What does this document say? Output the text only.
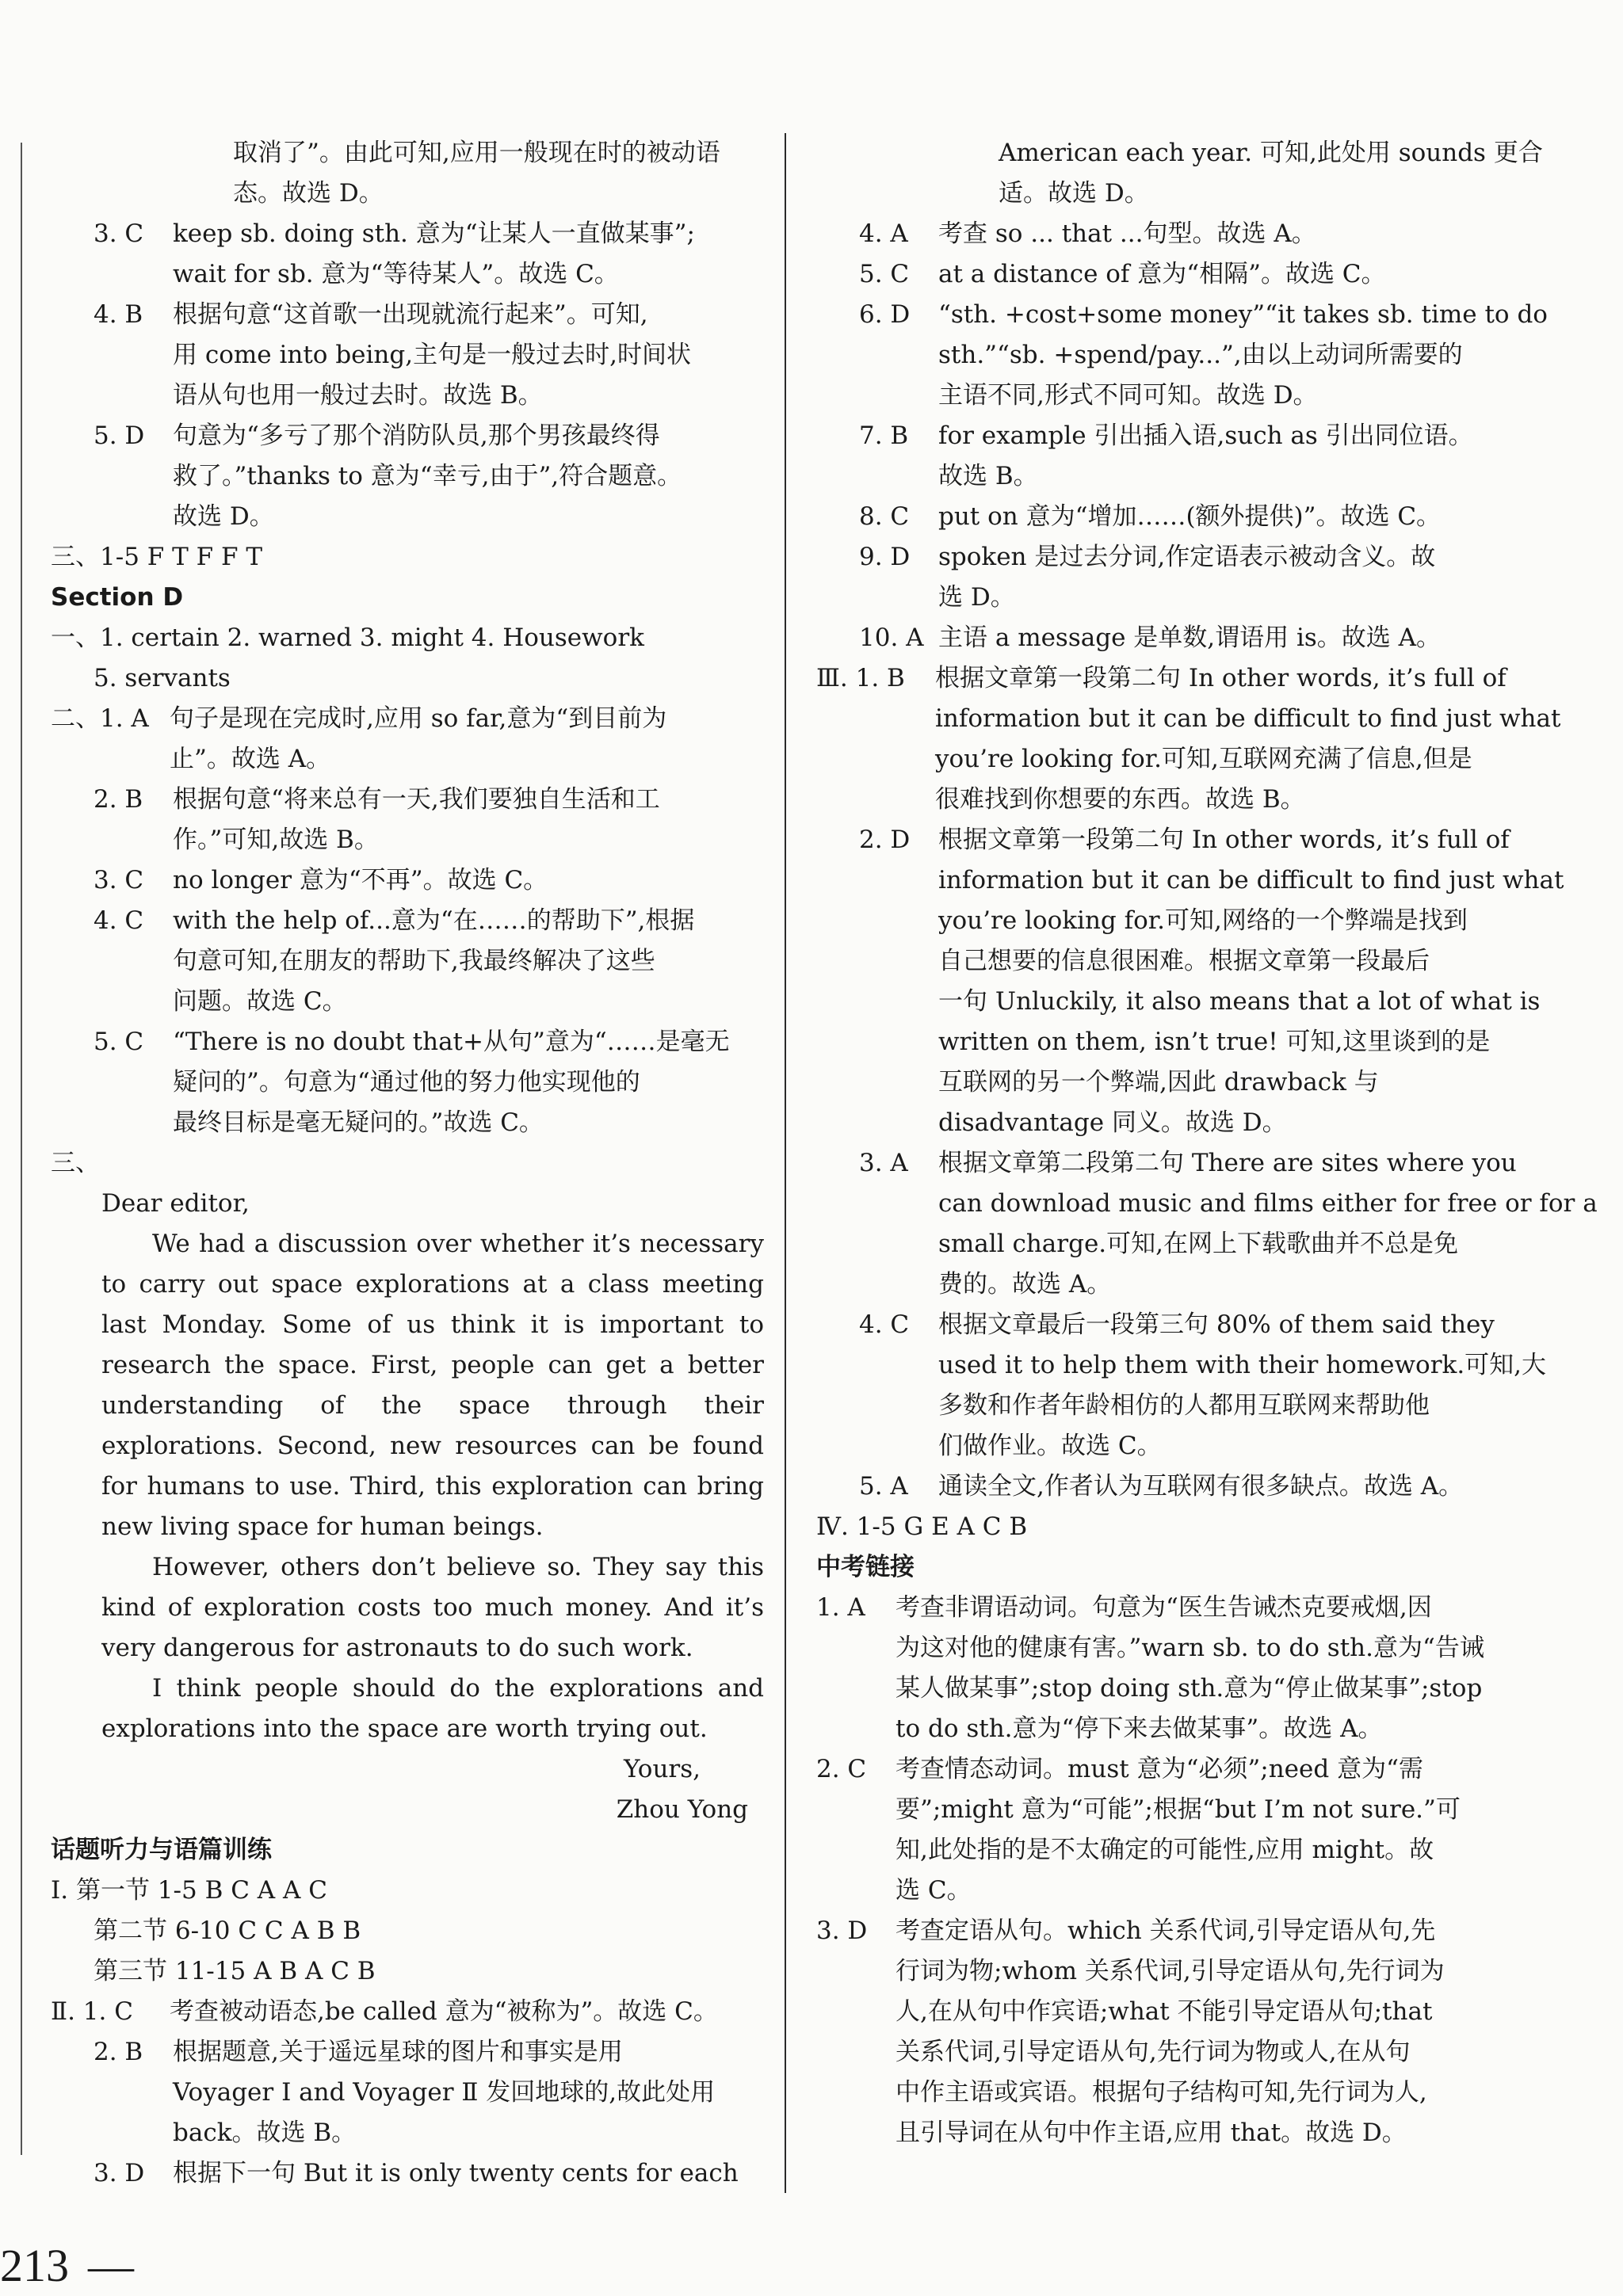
取消了”。由此可知,应用一般现在时的被动语
态。故选 D。
3. C	keep sb. doing sth. 意为“让某人一直做某事”;
wait for sb. 意为“等待某人”。故选 C。
4. B	根据句意“这首歌一出现就流行起来”。可知,
用 come into being,主句是一般过去时,时间状
语从句也用一般过去时。故选 B。
5. D	句意为“多亏了那个消防队员,那个男孩最终得
救了。”thanks to 意为“幸亏,由于”,符合题意。
故选 D。
三、1-5 F T F F T
Section D
一、1. certain 2. warned 3. might 4. Housework
5. servants
二、1. A 句子是现在完成时,应用 so far,意为“到目前为
止”。故选 A。
2. B	根据句意“将来总有一天,我们要独自生活和工
作。”可知,故选 B。
3. C	no longer 意为“不再”。故选 C。
4. C	with the help of...意为“在……的帮助下”,根据
句意可知,在朋友的帮助下,我最终解决了这些
问题。故选 C。
5. C	“There is no doubt that+从句”意为“……是毫无
疑问的”。句意为“通过他的努力他实现他的
最终目标是毫无疑问的。”故选 C。
三、
Dear editor,
We had a discussion over whether it’s necessary to carry out space explorations at a class meeting last Monday. Some of us think it is important to research the space. First, people can get a better understanding of the space through their explorations. Second, new resources can be found for humans to use. Third, this exploration can bring new living space for human beings.
However, others don’t believe so. They say this kind of exploration costs too much money. And it’s very dangerous for astronauts to do such work.
I think people should do the explorations and explorations into the space are worth trying out.
Yours,
Zhou Yong
话题听力与语篇训练
Ⅰ. 第一节 1-5 B C A A C
第二节 6-10 C C A B B
第三节 11-15 A B A C B
Ⅱ. 1. C	考查被动语态,be called 意为“被称为”。故选 C。
2. B	根据题意,关于遥远星球的图片和事实是用
Voyager Ⅰ and Voyager Ⅱ 发回地球的,故此处用
back。故选 B。
3. D	根据下一句 But it is only twenty cents for each
American each year. 可知,此处用 sounds 更合
适。故选 D。
4. A	考查 so ... that ...句型。故选 A。
5. C	at a distance of 意为“相隔”。故选 C。
6. D	“sth. +cost+some money”“it takes sb. time to do
sth.”“sb. +spend/pay...”,由以上动词所需要的
主语不同,形式不同可知。故选 D。
7. B	for example 引出插入语,such as 引出同位语。
故选 B。
8. C	put on 意为“增加……(额外提供)”。故选 C。
9. D	spoken 是过去分词,作定语表示被动含义。故
选 D。
10. A 主语 a message 是单数,谓语用 is。故选 A。
Ⅲ. 1. B	根据文章第一段第二句 In other words, it’s full of
information but it can be difficult to find just what
you’re looking for.可知,互联网充满了信息,但是
很难找到你想要的东西。故选 B。
2. D	根据文章第一段第二句 In other words, it’s full of
information but it can be difficult to find just what
you’re looking for.可知,网络的一个弊端是找到
自己想要的信息很困难。根据文章第一段最后
一句 Unluckily, it also means that a lot of what is
written on them, isn’t true! 可知,这里谈到的是
互联网的另一个弊端,因此 drawback 与
disadvantage 同义。故选 D。
3. A	根据文章第二段第二句 There are sites where you
can download music and films either for free or for a
small charge.可知,在网上下载歌曲并不总是免
费的。故选 A。
4. C	根据文章最后一段第三句 80% of them said they
used it to help them with their homework.可知,大
多数和作者年龄相仿的人都用互联网来帮助他
们做作业。故选 C。
5. A	通读全文,作者认为互联网有很多缺点。故选 A。
Ⅳ. 1-5 G E A C B
中考链接
1. A	考查非谓语动词。句意为“医生告诫杰克要戒烟,因
为这对他的健康有害。”warn sb. to do sth.意为“告诫
某人做某事”;stop doing sth.意为“停止做某事”;stop
to do sth.意为“停下来去做某事”。故选 A。
2. C	考查情态动词。must 意为“必须”;need 意为“需
要”;might 意为“可能”;根据“but I’m not sure.”可
知,此处指的是不太确定的可能性,应用 might。故
选 C。
3. D	考查定语从句。which 关系代词,引导定语从句,先
行词为物;whom 关系代词,引导定语从句,先行词为
人,在从句中作宾语;what 不能引导定语从句;that
关系代词,引导定语从句,先行词为物或人,在从句
中作主语或宾语。根据句子结构可知,先行词为人,
且引导词在从句中作主语,应用 that。故选 D。
213 —
